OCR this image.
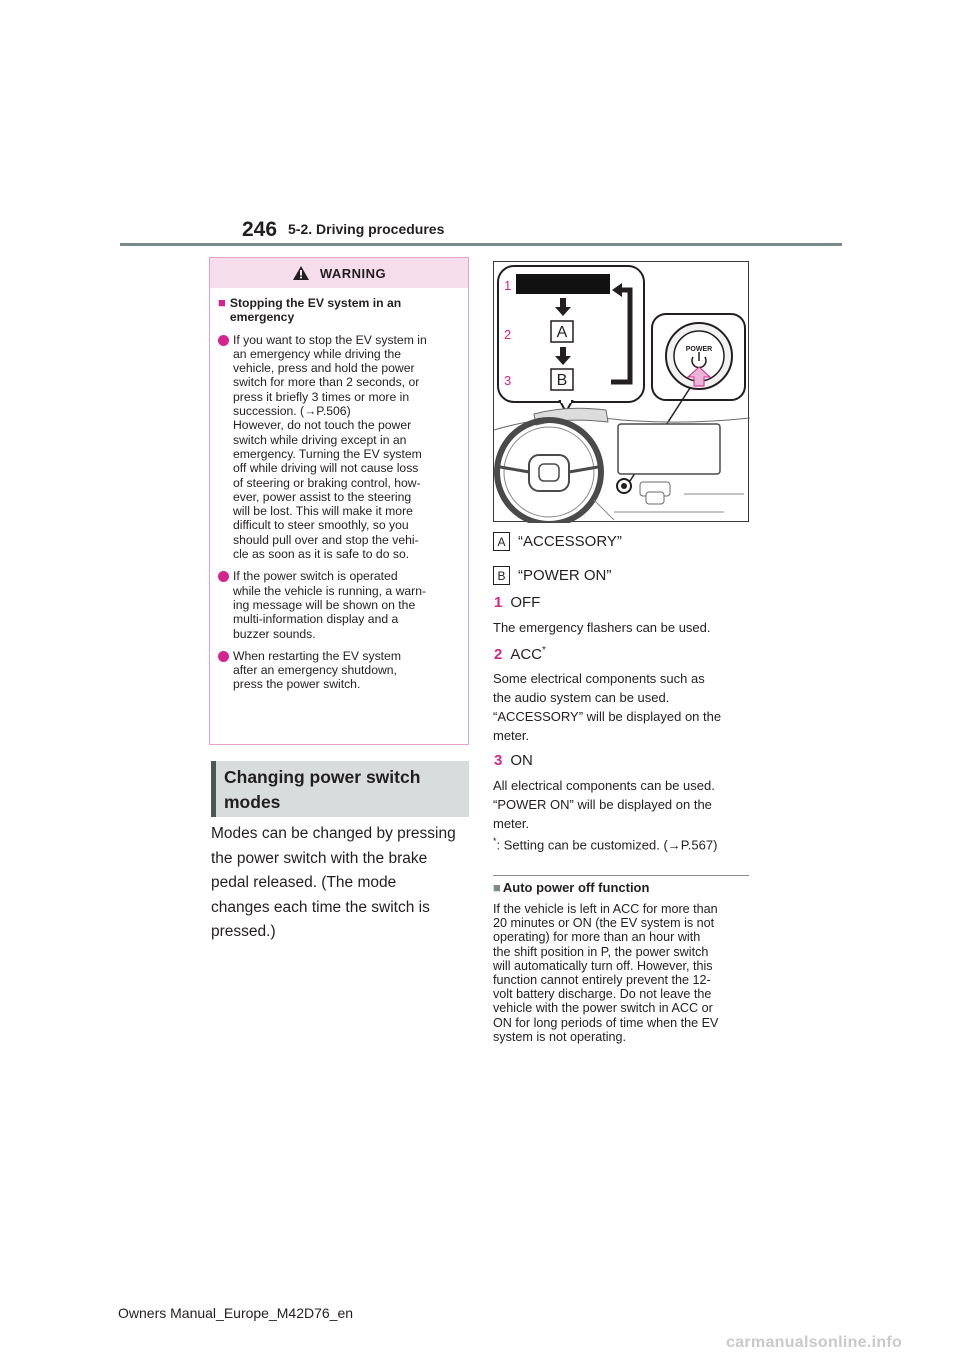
246 5-2. Driving procedures
WARNING
■ Stopping the EV system in an emergency
If you want to stop the EV system in
an emergency while driving the
vehicle, press and hold the power
switch for more than 2 seconds, or
press it briefly 3 times or more in
succession. (→P.506)
However, do not touch the power
switch while driving except in an
emergency. Turning the EV system
off while driving will not cause loss
of steering or braking control, how-
ever, power assist to the steering
will be lost. This will make it more
difficult to steer smoothly, so you
should pull over and stop the vehi-
cle as soon as it is safe to do so.
If the power switch is operated
while the vehicle is running, a warn-
ing message will be shown on the
multi-information display and a
buzzer sounds.
When restarting the EV system
after an emergency shutdown,
press the power switch.
Changing power switch
modes
Modes can be changed by pressing
the power switch with the brake
pedal released. (The mode
changes each time the switch is
pressed.)
A
B
1
2
3
POWER
A “ACCESSORY”
B “POWER ON”
1 OFF
The emergency flashers can be used.
2 ACC*
Some electrical components such as
the audio system can be used.
“ACCESSORY” will be displayed on the
meter.
3 ON
All electrical components can be used.
“POWER ON” will be displayed on the
meter.
*: Setting can be customized. (→P.567)
■ Auto power off function
If the vehicle is left in ACC for more than
20 minutes or ON (the EV system is not
operating) for more than an hour with
the shift position in P, the power switch
will automatically turn off. However, this
function cannot entirely prevent the 12-
volt battery discharge. Do not leave the
vehicle with the power switch in ACC or
ON for long periods of time when the EV
system is not operating.
Owners Manual_Europe_M42D76_en
carmanualsonline.info
